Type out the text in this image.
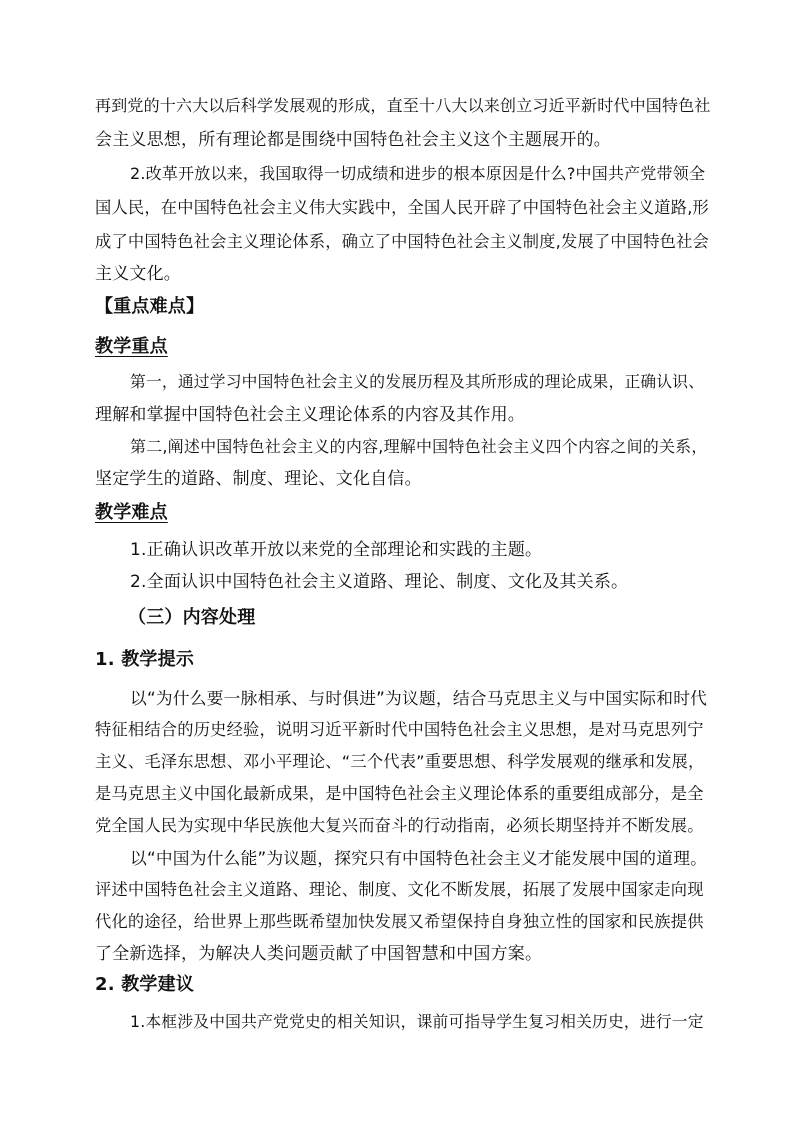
再到党的十六大以后科学发展观的形成，直至十八大以来创立习近平新时代中国特色社
会主义思想，所有理论都是围绕中国特色社会主义这个主题展开的。
2.改革开放以来，我国取得一切成绩和进步的根本原因是什么?中国共产党带领全
国人民，在中国特色社会主义伟大实践中，全国人民开辟了中国特色社会主义道路,形
成了中国特色社会主义理论体系，确立了中国特色社会主义制度,发展了中国特色社会
主义文化。
【重点难点】
教学重点
第一，通过学习中国特色社会主义的发展历程及其所形成的理论成果，正确认识、
理解和掌握中国特色社会主义理论体系的内容及其作用。
第二,阐述中国特色社会主义的内容,理解中国特色社会主义四个内容之间的关系，
坚定学生的道路、制度、理论、文化自信。
教学难点
1.正确认识改革开放以来党的全部理论和实践的主题。
2.全面认识中国特色社会主义道路、理论、制度、文化及其关系。
（三）内容处理
1. 教学提示
以“为什么要一脉相承、与时俱进”为议题，结合马克思主义与中国实际和时代
特征相结合的历史经验，说明习近平新时代中国特色社会主义思想，是对马克思列宁
主义、毛泽东思想、邓小平理论、“三个代表”重要思想、科学发展观的继承和发展，
是马克思主义中国化最新成果，是中国特色社会主义理论体系的重要组成部分，是全
党全国人民为实现中华民族他大复兴而奋斗的行动指南，必须长期坚持并不断发展。
以“中国为什么能”为议题，探究只有中国特色社会主义才能发展中国的道理。
评述中国特色社会主义道路、理论、制度、文化不断发展，拓展了发展中国家走向现
代化的途径，给世界上那些既希望加快发展又希望保持自身独立性的国家和民族提供
了全新选择，为解决人类问题贡献了中国智慧和中国方案。
2. 教学建议
1.本框涉及中国共产党党史的相关知识，课前可指导学生复习相关历史，进行一定
